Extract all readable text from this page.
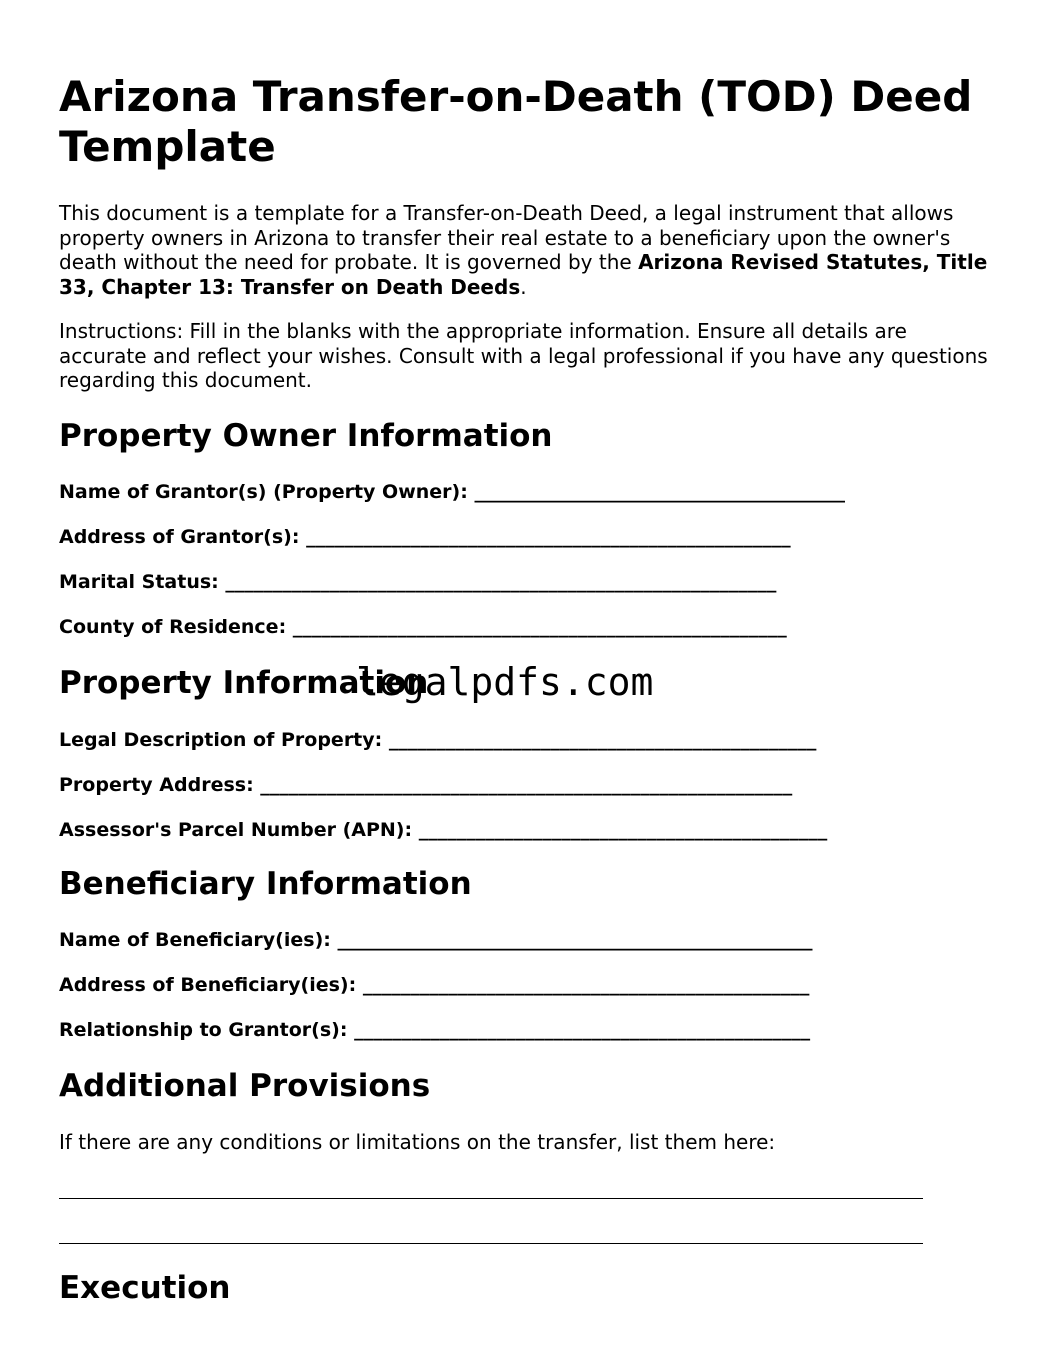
Arizona Transfer-on-Death (TOD) Deed Template

This document is a template for a Transfer-on-Death Deed, a legal instrument that allows property owners in Arizona to transfer their real estate to a beneficiary upon the owner's death without the need for probate. It is governed by the Arizona Revised Statutes, Title 33, Chapter 13: Transfer on Death Deeds.

Instructions: Fill in the blanks with the appropriate information. Ensure all details are accurate and reflect your wishes. Consult with a legal professional if you have any questions regarding this document.

Property Owner Information

Name of Grantor(s) (Property Owner): _______________________________________

Address of Grantor(s): ___________________________________________________

Marital Status: __________________________________________________________

County of Residence: ____________________________________________________

Property Information

Legal Description of Property: _____________________________________________

Property Address: ________________________________________________________

Assessor's Parcel Number (APN): ___________________________________________

Beneficiary Information

Name of Beneficiary(ies): __________________________________________________

Address of Beneficiary(ies): _______________________________________________

Relationship to Grantor(s): ________________________________________________

Additional Provisions

If there are any conditions or limitations on the transfer, list them here:

Execution
legalpdfs.com
